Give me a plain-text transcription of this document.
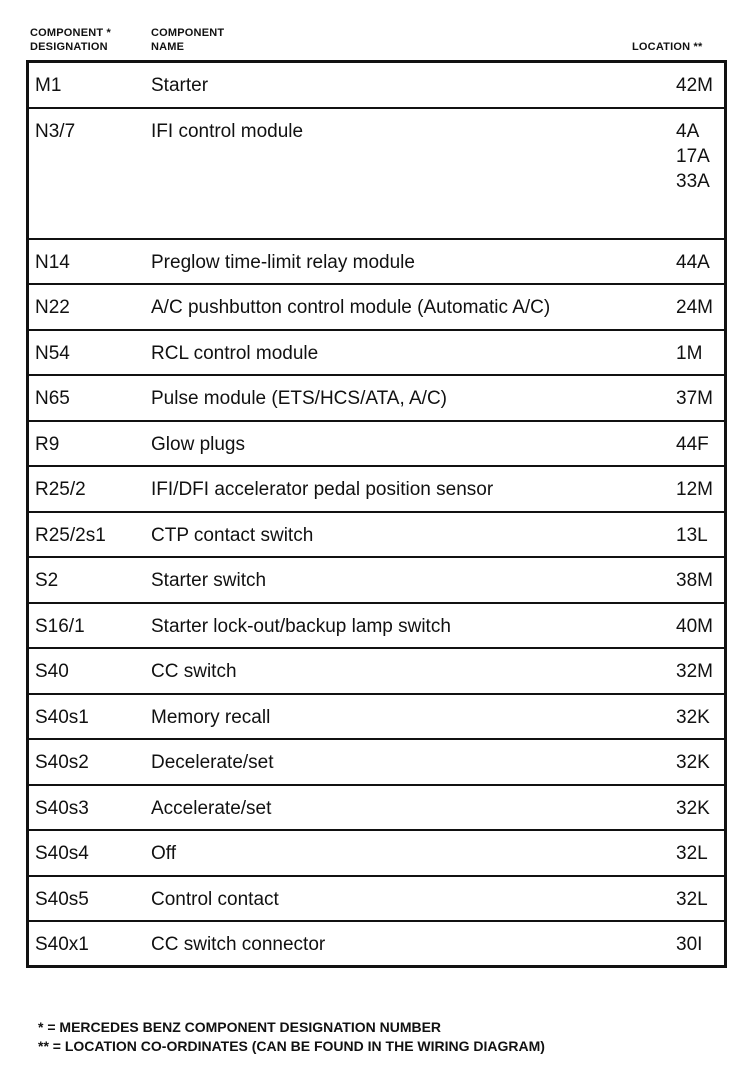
COMPONENT *
DESIGNATION
COMPONENT
NAME	LOCATION **
M1	Starter	42M
N3/7	IFI control module	4A
17A
33A
N14	Preglow time-limit relay module	44A
N22	A/C pushbutton control module (Automatic A/C)	24M
N54	RCL control module	1M
N65	Pulse module (ETS/HCS/ATA, A/C)	37M
R9	Glow plugs	44F
R25/2	IFI/DFI accelerator pedal position sensor	12M
R25/2s1 CTP contact switch	13L
S2	Starter switch	38M
S16/1	Starter lock-out/backup lamp switch	40M
S40	CC switch	32M
S40s1	Memory recall	32K
S40s2	Decelerate/set	32K
S40s3	Accelerate/set	32K
S40s4	Off	32L
S40s5	Control contact	32L
S40x1	CC switch connector	30I
* = MERCEDES BENZ COMPONENT DESIGNATION NUMBER
** = LOCATION CO-ORDINATES (CAN BE FOUND IN THE WIRING DIAGRAM)
